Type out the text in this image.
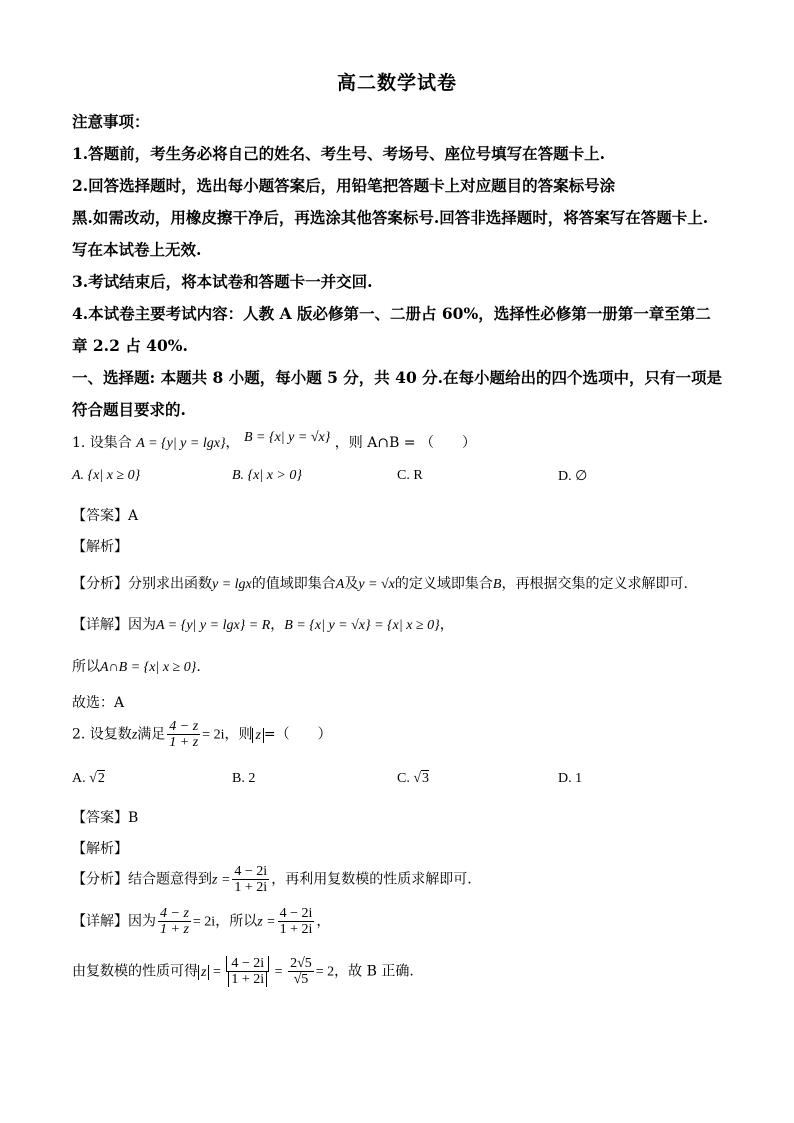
高二数学试卷
注意事项：
1.答题前，考生务必将自己的姓名、考生号、考场号、座位号填写在答题卡上.
2.回答选择题时，选出每小题答案后，用铅笔把答题卡上对应题目的答案标号涂
黑.如需改动，用橡皮擦干净后，再选涂其他答案标号.回答非选择题时，将答案写在答题卡上.
写在本试卷上无效.
3.考试结束后，将本试卷和答题卡一并交回.
4.本试卷主要考试内容：人教 A 版必修第一、二册占 60%，选择性必修第一册第一章至第二
章 2.2 占 40%.
一、选择题: 本题共 8 小题，每小题 5 分，共 40 分.在每小题给出的四个选项中，只有一项是
符合题目要求的.
1. 设集合 A = {y| y = lgx}， B = {x| y = √x} ，则 A∩B = （　　）
A. {x| x ≥ 0}	B. {x| x > 0}	C. R	D. ∅
【答案】A
【解析】
【分析】分别求出函数y = lgx的值域即集合A及y = √x的定义域即集合B，再根据交集的定义求解即可.
【详解】因为A = {y| y = lgx} = R，B = {x| y = √x} = {x| x ≥ 0}，
所以A∩B = {x| x ≥ 0}.
故选：A
2. 设复数z满足 $\frac{4 - z}{1 + z} = 2i$，则 z =（　　）
A. √2	B. 2	C. √3	D. 1
【答案】B
【解析】
【分析】结合题意得到$z = \frac{4 - 2i}{1 + 2i}$ ，再利用复数模的性质求解即可.
【详解】因为 $\frac{4 - z}{1 + z} = 2i$，所以$z = \frac{4 - 2i}{1 + 2i}$ ，
由复数模的性质可得 $z = \frac{4 - 2i}{1 + 2i} = \frac{2√5}{√5} = 2$，故 B 正确.
